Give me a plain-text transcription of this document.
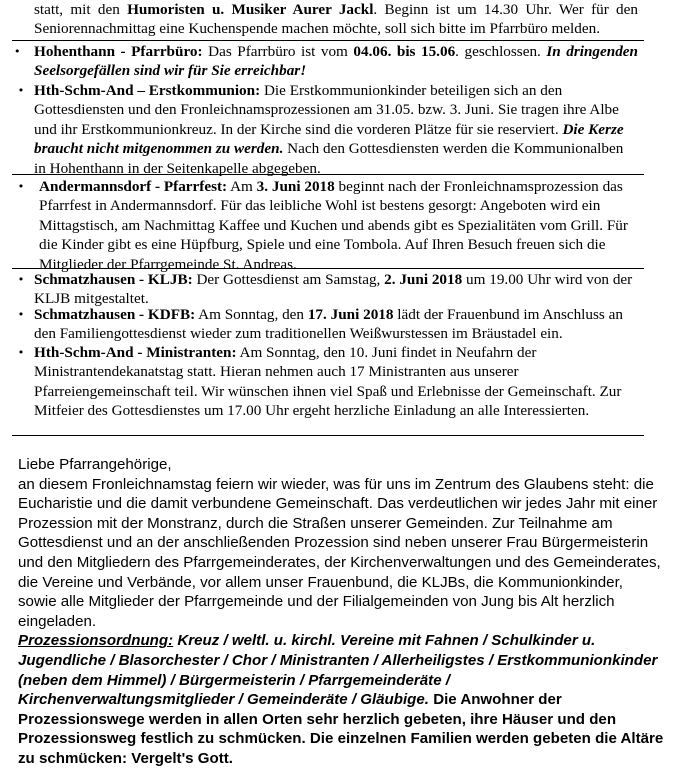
statt, mit den Humoristen u. Musiker Aurer Jackl. Beginn ist um 14.30 Uhr. Wer für den Seniorennachmittag eine Kuchenspende machen möchte, soll sich bitte im Pfarrbüro melden.
• Hohenthann - Pfarrbüro: Das Pfarrbüro ist vom 04.06. bis 15.06. geschlossen. In dringenden Seelsorgefällen sind wir für Sie erreichbar!
• Hth-Schm-And – Erstkommunion: Die Erstkommunionkinder beteiligen sich an den Gottesdiensten und den Fronleichnamsprozessionen am 31.05. bzw. 3. Juni. Sie tragen ihre Albe und ihr Erstkommunionkreuz. In der Kirche sind die vorderen Plätze für sie reserviert. Die Kerze braucht nicht mitgenommen zu werden. Nach den Gottesdiensten werden die Kommunionalben in Hohenthann in der Seitenkapelle abgegeben.
• Andermannsdorf - Pfarrfest: Am 3. Juni 2018 beginnt nach der Fronleichnamsprozession das Pfarrfest in Andermannsdorf. Für das leibliche Wohl ist bestens gesorgt: Angeboten wird ein Mittagstisch, am Nachmittag Kaffee und Kuchen und abends gibt es Spezialitäten vom Grill. Für die Kinder gibt es eine Hüpfburg, Spiele und eine Tombola. Auf Ihren Besuch freuen sich die Mitglieder der Pfarrgemeinde St. Andreas.
• Schmatzhausen - KLJB: Der Gottesdienst am Samstag, 2. Juni 2018 um 19.00 Uhr wird von der KLJB mitgestaltet.
• Schmatzhausen - KDFB: Am Sonntag, den 17. Juni 2018 lädt der Frauenbund im Anschluss an den Familiengottesdienst wieder zum traditionellen Weißwurstessen im Bräustadel ein.
• Hth-Schm-And - Ministranten: Am Sonntag, den 10. Juni findet in Neufahrn der Ministrantendekanatstag statt. Hieran nehmen auch 17 Ministranten aus unserer Pfarreiengemeinschaft teil. Wir wünschen ihnen viel Spaß und Erlebnisse der Gemeinschaft. Zur Mitfeier des Gottesdienstes um 17.00 Uhr ergeht herzliche Einladung an alle Interessierten.

Liebe Pfarrangehörige,

an diesem Fronleichnamstag feiern wir wieder, was für uns im Zentrum des Glaubens steht: die Eucharistie und die damit verbundene Gemeinschaft. Das verdeutlichen wir jedes Jahr mit einer Prozession mit der Monstranz, durch die Straßen unserer Gemeinden. Zur Teilnahme am Gottesdienst und an der anschließenden Prozession sind neben unserer Frau Bürgermeisterin und den Mitgliedern des Pfarrgemeinderates, der Kirchenverwaltungen und des Gemeinderates, die Vereine und Verbände, vor allem unser Frauenbund, die KLJBs, die Kommunionkinder, sowie alle Mitglieder der Pfarrgemeinde und der Filialgemeinden von Jung bis Alt herzlich eingeladen.
Prozessionsordnung: Kreuz / weltl. u. kirchl. Vereine mit Fahnen / Schulkinder u. Jugendliche / Blasorchester / Chor / Ministranten / Allerheiligstes / Erstkommunionkinder (neben dem Himmel) / Bürgermeisterin / Pfarrgemeinderäte / Kirchenverwaltungsmitglieder / Gemeinderäte / Gläubige. Die Anwohner der Prozessionswege werden in allen Orten sehr herzlich gebeten, ihre Häuser und den Prozessionsweg festlich zu schmücken. Die einzelnen Familien werden gebeten die Altäre zu schmücken: Vergelt's Gott.
